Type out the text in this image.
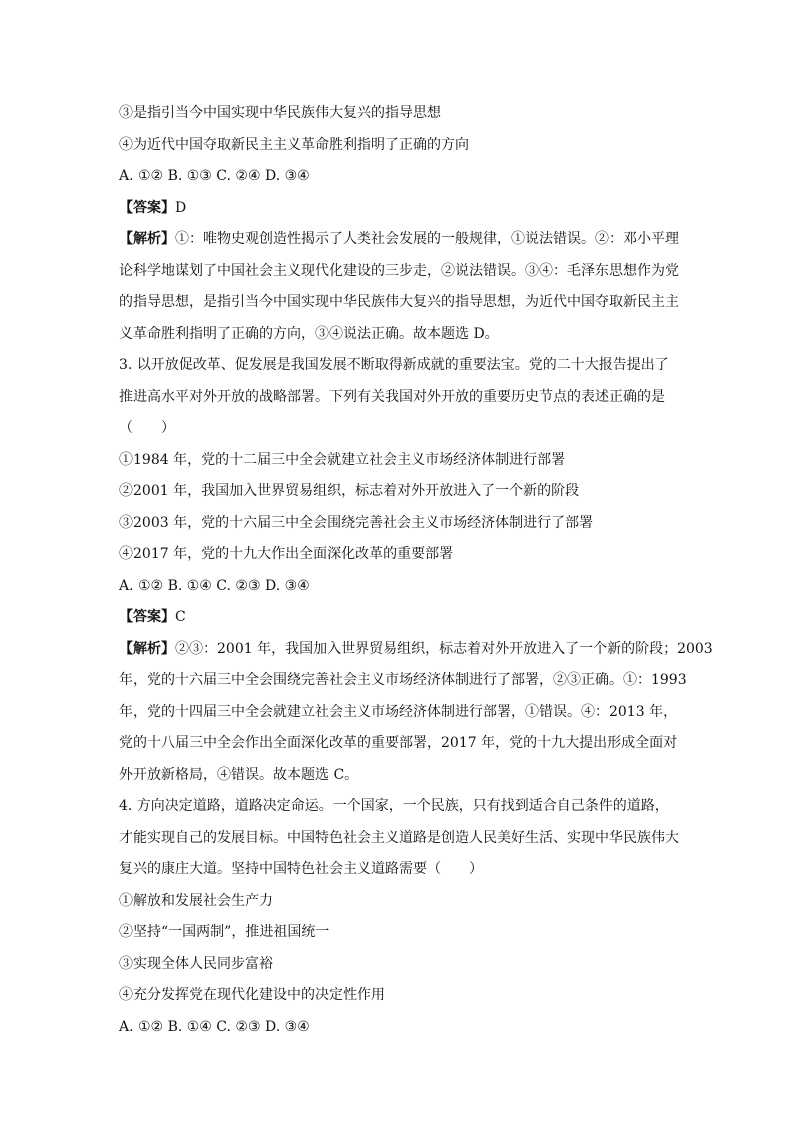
③是指引当今中国实现中华民族伟大复兴的指导思想
④为近代中国夺取新民主主义革命胜利指明了正确的方向
A. ①② B. ①③ C. ②④ D. ③④
【答案】D
【解析】①：唯物史观创造性揭示了人类社会发展的一般规律，①说法错误。②：邓小平理
论科学地谋划了中国社会主义现代化建设的三步走，②说法错误。③④：毛泽东思想作为党
的指导思想，是指引当今中国实现中华民族伟大复兴的指导思想，为近代中国夺取新民主主
义革命胜利指明了正确的方向，③④说法正确。故本题选 D。
3. 以开放促改革、促发展是我国发展不断取得新成就的重要法宝。党的二十大报告提出了
推进高水平对外开放的战略部署。下列有关我国对外开放的重要历史节点的表述正确的是
（　　）
①1984 年，党的十二届三中全会就建立社会主义市场经济体制进行部署
②2001 年，我国加入世界贸易组织，标志着对外开放进入了一个新的阶段
③2003 年，党的十六届三中全会围绕完善社会主义市场经济体制进行了部署
④2017 年，党的十九大作出全面深化改革的重要部署
A. ①② B. ①④ C. ②③ D. ③④
【答案】C
【解析】②③：2001 年，我国加入世界贸易组织，标志着对外开放进入了一个新的阶段；2003
年，党的十六届三中全会围绕完善社会主义市场经济体制进行了部署，②③正确。①：1993
年，党的十四届三中全会就建立社会主义市场经济体制进行部署，①错误。④：2013 年，
党的十八届三中全会作出全面深化改革的重要部署，2017 年，党的十九大提出形成全面对
外开放新格局，④错误。故本题选 C。
4. 方向决定道路，道路决定命运。一个国家，一个民族，只有找到适合自己条件的道路，
才能实现自己的发展目标。中国特色社会主义道路是创造人民美好生活、实现中华民族伟大
复兴的康庄大道。坚持中国特色社会主义道路需要（　　）
①解放和发展社会生产力
②坚持“一国两制”，推进祖国统一
③实现全体人民同步富裕
④充分发挥党在现代化建设中的决定性作用
A. ①② B. ①④ C. ②③ D. ③④
